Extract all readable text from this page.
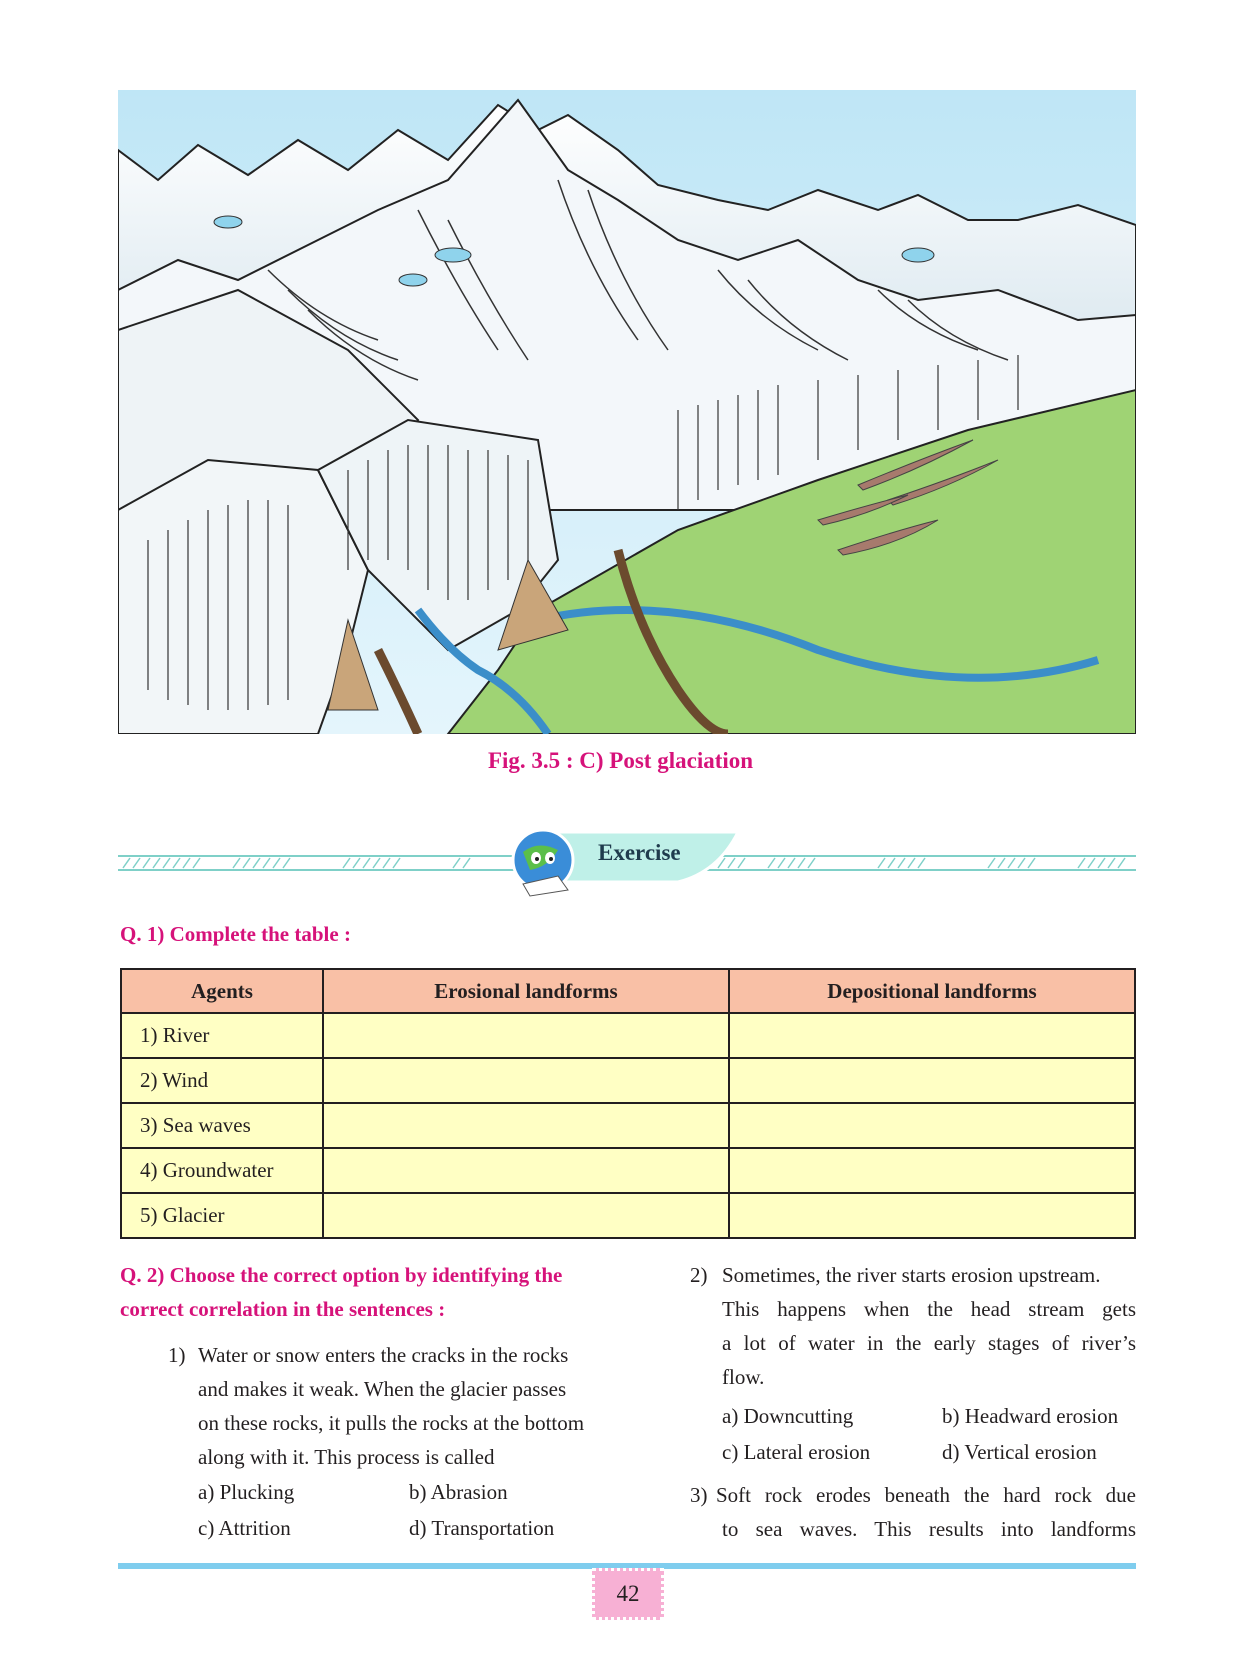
Fig. 3.5 : C) Post glaciation
Exercise
Q. 1) Complete the table :
Agents	Erosional landforms	Depositional landforms
1) River		
2) Wind		
3) Sea waves		
4) Groundwater		
5) Glacier		
Q. 2) Choose the correct option by identifying the
correct correlation in the sentences :
1) Water or snow enters the cracks in the rocks
and makes it weak. When the glacier passes
on these rocks, it pulls the rocks at the bottom
along with it. This process is called
a) Plucking	b) Abrasion
c) Attrition	d) Transportation
2) Sometimes, the river starts erosion upstream.
This happens when the head stream gets
a lot of water in the early stages of river’s
flow.
a) Downcutting	b) Headward erosion
c) Lateral erosion	d) Vertical erosion
3) Soft rock erodes beneath the hard rock due
to sea waves. This results into landforms
42
